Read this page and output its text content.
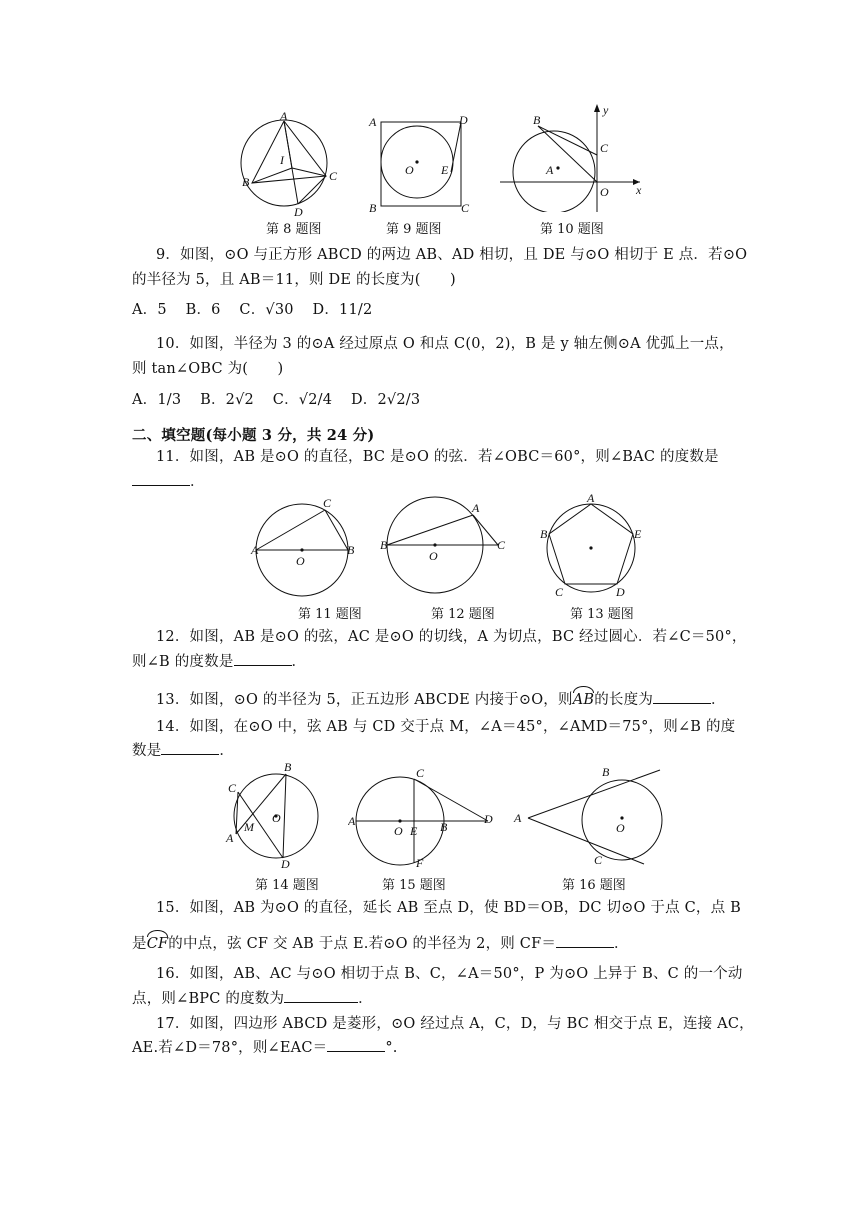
A
B	C
D
I
第 8 题图
A	D
B	C
E
O
第 9 题图
B
C
A
O x
y
第 10 题图
9．如图，⊙O 与正方形 ABCD 的两边 AB、AD 相切，且 DE 与⊙O 相切于 E 点．若⊙O
的半径为 5，且 AB＝11，则 DE 的长度为(　　)
A．5 B．6 C．√30 D．11/2
10．如图，半径为 3 的⊙A 经过原点 O 和点 C(0，2)，B 是 y 轴左侧⊙A 优弧上一点，
则 tan∠OBC 为(　　)
A．1/3 B．2√2 C．√2/4 D．2√2/3
二、填空题(每小题 3 分，共 24 分)
11．如图，AB 是⊙O 的直径，BC 是⊙O 的弦．若∠OBC＝60°，则∠BAC 的度数是
．
C
A	B
O
第 11 题图
A
B	C
O
第 12 题图
A
B
C	D
E
第 13 题图
12．如图，AB 是⊙O 的弦，AC 是⊙O 的切线，A 为切点，BC 经过圆心．若∠C＝50°，
则∠B 的度数是	．
13．如图，⊙O 的半径为 5，正五边形 ABCDE 内接于⊙O，则
AB的长度为	．
14．如图，在⊙O 中，弦 AB 与 CD 交于点 M，∠A＝45°，∠AMD＝75°，则∠B 的度
数是	．
B
C
M
A
O
D
第 14 题图
C
A
O E B
D
F
第 15 题图
B
A
O
C
第 16 题图
15．如图，AB 为⊙O 的直径，延长 AB 至点 D，使 BD＝OB，DC 切⊙O 于点 C，点 B
是
CF的中点，弦 CF 交 AB 于点 E.若⊙O 的半径为 2，则 CF＝	．
16．如图，AB、AC 与⊙O 相切于点 B、C，∠A＝50°，P 为⊙O 上异于 B、C 的一个动
点，则∠BPC 的度数为	．
17．如图，四边形 ABCD 是菱形，⊙O 经过点 A，C，D，与 BC 相交于点 E，连接 AC，
AE.若∠D＝78°，则∠EAC＝	°.
